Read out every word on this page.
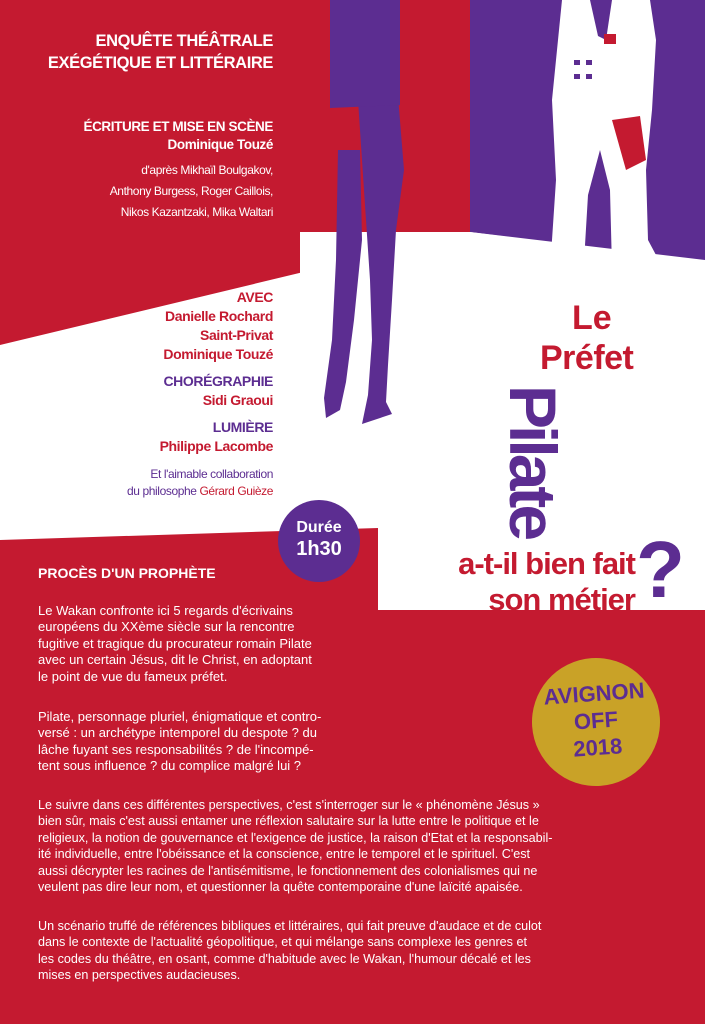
ENQUÊTE THÉÂTRALE
EXÉGÉTIQUE ET LITTÉRAIRE
ÉCRITURE ET MISE EN SCÈNE
Dominique Touzé
d'après Mikhaïl Boulgakov,
Anthony Burgess, Roger Caillois,
Nikos Kazantzaki, Mika Waltari
AVEC
Danielle Rochard
Saint-Privat
Dominique Touzé
CHORÉGRAPHIE
Sidi Graoui
LUMIÈRE
Philippe Lacombe
Et l'aimable collaboration
du philosophe Gérard Guièze
Le
Préfet
Pilate
?
a-t-il bien fait
son métier
Durée
1h30
AVIGNON
OFF
2018
PROCÈS D'UN PROPHÈTE
Le Wakan confronte ici 5 regards d'écrivains
européens du XXème siècle sur la rencontre
fugitive et tragique du procurateur romain Pilate
avec un certain Jésus, dit le Christ, en adoptant
le point de vue du fameux préfet.
Pilate, personnage pluriel, énigmatique et contro-
versé : un archétype intemporel du despote ? du
lâche fuyant ses responsabilités ? de l'incompé-
tent sous influence ? du complice malgré lui ?
Le suivre dans ces différentes perspectives, c'est s'interroger sur le « phénomène Jésus »
bien sûr, mais c'est aussi entamer une réflexion salutaire sur la lutte entre le politique et le
religieux, la notion de gouvernance et l'exigence de justice, la raison d'Etat et la responsabil-
ité individuelle, entre l'obéissance et la conscience, entre le temporel et le spirituel. C'est
aussi décrypter les racines de l'antisémitisme, le fonctionnement des colonialismes qui ne
veulent pas dire leur nom, et questionner la quête contemporaine d'une laïcité apaisée.
Un scénario truffé de références bibliques et littéraires, qui fait preuve d'audace et de culot
dans le contexte de l'actualité géopolitique, et qui mélange sans complexe les genres et
les codes du théâtre, en osant, comme d'habitude avec le Wakan, l'humour décalé et les
mises en perspectives audacieuses.
